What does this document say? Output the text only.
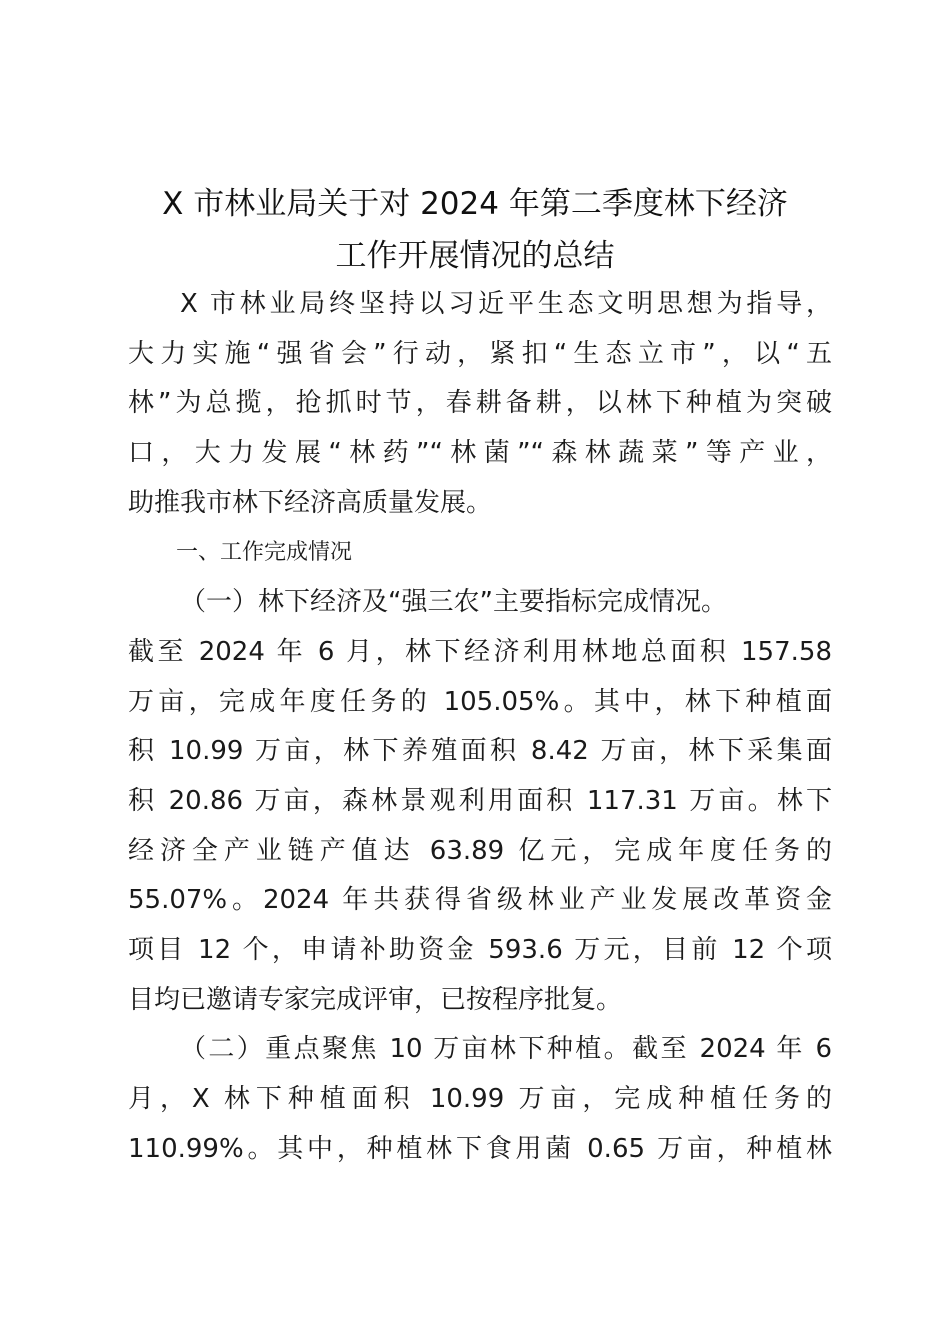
X 市林业局关于对 2024 年第二季度林下经济
工作开展情况的总结
X 市林业局终坚持以习近平生态文明思想为指导，
大力实施“强省会”行动，紧扣“生态立市”，以“五
林”为总揽，抢抓时节，春耕备耕，以林下种植为突破
口，大力发展“林药”“林菌”“森林蔬菜”等产业，
助推我市林下经济高质量发展。
一、工作完成情况
（一）林下经济及“强三农”主要指标完成情况。
截至 2024 年 6 月，林下经济利用林地总面积 157.58
万亩，完成年度任务的 105.05%。其中，林下种植面
积 10.99 万亩，林下养殖面积 8.42 万亩，林下采集面
积 20.86 万亩，森林景观利用面积 117.31 万亩。林下
经济全产业链产值达 63.89 亿元，完成年度任务的
55.07%。2024 年共获得省级林业产业发展改革资金
项目 12 个，申请补助资金 593.6 万元，目前 12 个项
目均已邀请专家完成评审，已按程序批复。
（二）重点聚焦 10 万亩林下种植。截至 2024 年 6
月，X 林下种植面积 10.99 万亩，完成种植任务的
110.99%。其中，种植林下食用菌 0.65 万亩，种植林
